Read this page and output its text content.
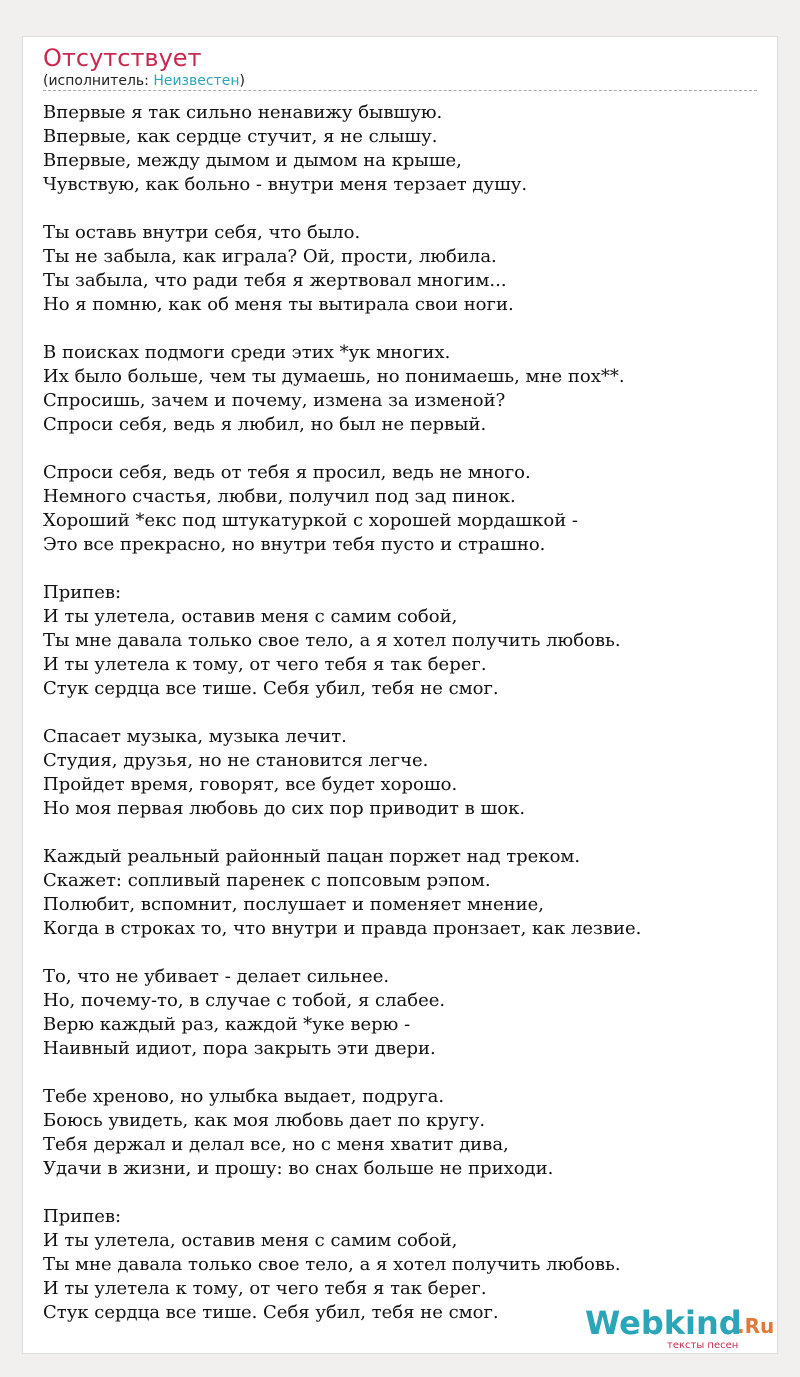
Отсутствует
(исполнитель: Неизвестен)
Впервые я так сильно ненавижу бывшую.
Впервые, как сердце стучит, я не слышу.
Впервые, между дымом и дымом на крыше,
Чувствую, как больно - внутри меня терзает душу.
Ты оставь внутри себя, что было.
Ты не забыла, как играла? Ой, прости, любила.
Ты забыла, что ради тебя я жертвовал многим...
Но я помню, как об меня ты вытирала свои ноги.
В поисках подмоги среди этих *ук многих.
Их было больше, чем ты думаешь, но понимаешь, мне пох**.
Спросишь, зачем и почему, измена за изменой?
Спроси себя, ведь я любил, но был не первый.
Спроси себя, ведь от тебя я просил, ведь не много.
Немного счастья, любви, получил под зад пинок.
Хороший *екс под штукатуркой с хорошей мордашкой -
Это все прекрасно, но внутри тебя пусто и страшно.
Припев:
И ты улетела, оставив меня с самим собой,
Ты мне давала только свое тело, а я хотел получить любовь.
И ты улетела к тому, от чего тебя я так берег.
Стук сердца все тише. Себя убил, тебя не смог.
Спасает музыка, музыка лечит.
Студия, друзья, но не становится легче.
Пройдет время, говорят, все будет хорошо.
Но моя первая любовь до сих пор приводит в шок.
Каждый реальный районный пацан поржет над треком.
Скажет: сопливый паренек с попсовым рэпом.
Полюбит, вспомнит, послушает и поменяет мнение,
Когда в строках то, что внутри и правда пронзает, как лезвие.
То, что не убивает - делает сильнее.
Но, почему-то, в случае с тобой, я слабее.
Верю каждый раз, каждой *уке верю -
Наивный идиот, пора закрыть эти двери.
Тебе хреново, но улыбка выдает, подруга.
Боюсь увидеть, как моя любовь дает по кругу.
Тебя держал и делал все, но с меня хватит дива,
Удачи в жизни, и прошу: во снах больше не приходи.
Припев:
И ты улетела, оставив меня с самим собой,
Ты мне давала только свое тело, а я хотел получить любовь.
И ты улетела к тому, от чего тебя я так берег.
Стук сердца все тише. Себя убил, тебя не смог.	Webkind
.Ru
тексты песен
